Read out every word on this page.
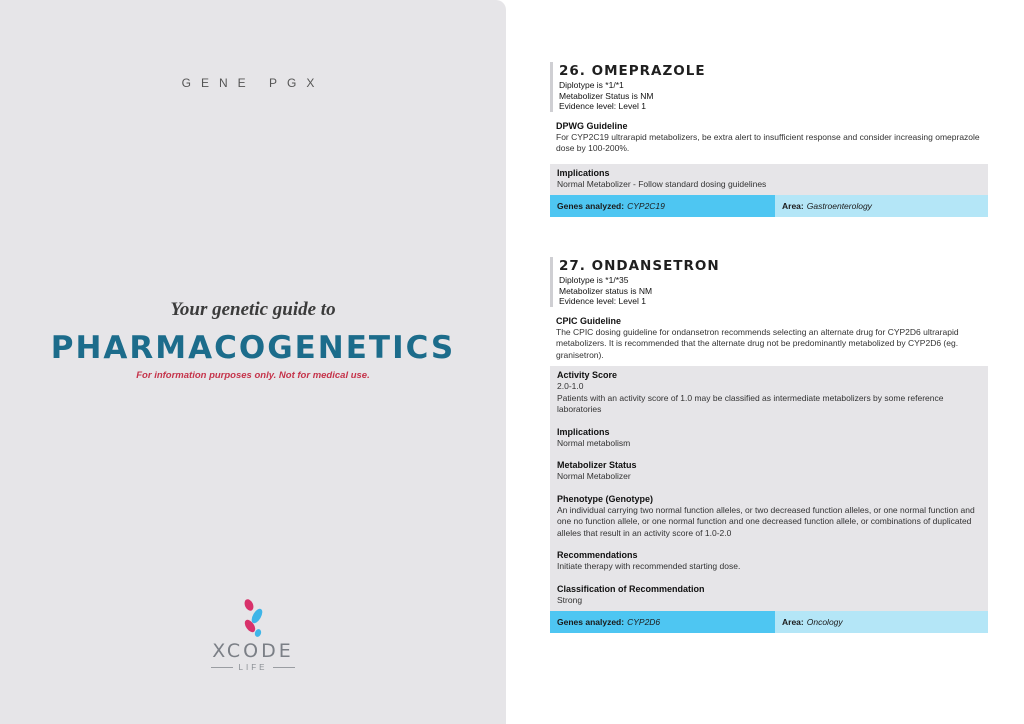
GENE PGX
Your genetic guide to
PHARMACOGENETICS
For information purposes only. Not for medical use.
XCODE
LIFE
26. OMEPRAZOLE
Diplotype is *1/*1
Metabolizer Status is NM
Evidence level: Level 1
DPWG Guideline
For CYP2C19 ultrarapid metabolizers, be extra alert to insufficient response and consider increasing omeprazole dose by 100-200%.
Implications
Normal Metabolizer - Follow standard dosing guidelines
Genes analyzed: CYP2C19	Area: Gastroenterology
27. ONDANSETRON
Diplotype is *1/*35
Metabolizer status is NM
Evidence level: Level 1
CPIC Guideline
The CPIC dosing guideline for ondansetron recommends selecting an alternate drug for CYP2D6 ultrarapid metabolizers. It is recommended that the alternate drug not be predominantly metabolized by CYP2D6 (eg. granisetron).
Activity Score
2.0-1.0
Patients with an activity score of 1.0 may be classified as intermediate metabolizers by some reference laboratories
Implications
Normal metabolism
Metabolizer Status
Normal Metabolizer
Phenotype (Genotype)
An individual carrying two normal function alleles, or two decreased function alleles, or one normal function and one no function allele, or one normal function and one decreased function allele, or combinations of duplicated alleles that result in an activity score of 1.0-2.0
Recommendations
Initiate therapy with recommended starting dose.
Classification of Recommendation
Strong
Genes analyzed: CYP2D6	Area: Oncology
